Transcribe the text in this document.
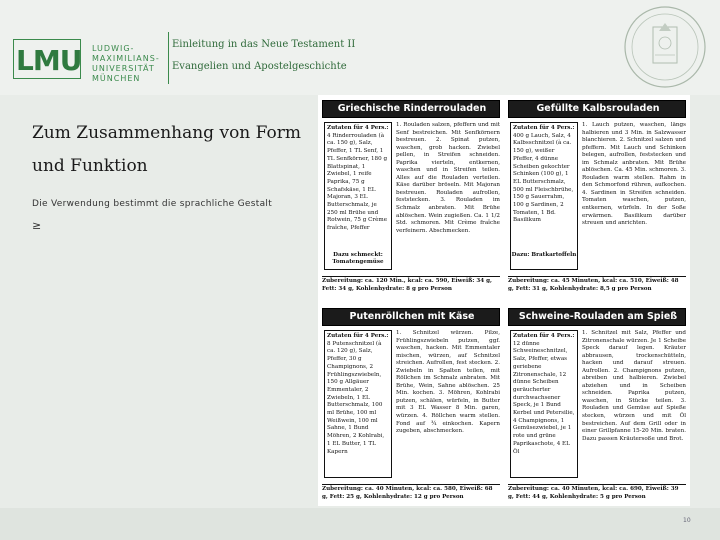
LMU LUDWIG-
MAXIMILIANS-
UNIVERSITÄT
MÜNCHEN
Einleitung in das Neue Testament II
Evangelien und Apostelgeschichte
Zum Zusammenhang von Form und Funktion
Die Verwendung bestimmt die sprachliche Gestalt
≥
Griechische Rinderrouladen
Zutaten für 4 Pers.:
4 Rinderrouladen (à ca. 150 g), Salz, Pfeffer, 1 TL Senf, 1 TL Senfkörner, 180 g Blattspinat, 1 Zwiebel, 1 reife Paprika, 75 g Schafskäse, 1 EL Majoran, 3 EL Butterschmalz, je 250 ml Brühe und Rotwein, 75 g Crème fraîche, Pfeffer
Dazu schmeckt: Tomatengemüse
1. Rouladen salzen, pfeffern und mit Senf bestreichen. Mit Senfkörnern bestreuen. 2. Spinat putzen, waschen, grob hacken. Zwiebel pellen, in Streifen schneiden. Paprika vierteln, entkernen, waschen und in Streifen teilen. Alles auf die Rouladen verteilen. Käse darüber bröseln. Mit Majoran bestreuen. Rouladen aufrollen, feststecken. 3. Rouladen im Schmalz anbraten. Mit Brühe ablöschen. Wein zugießen. Ca. 1 1/2 Std. schmoren. Mit Crème fraîche verfeinern. Abschmecken.
Zubereitung: ca. 120 Min., kcal: ca. 590, Eiweiß: 34 g, Fett: 34 g, Kohlenhydrate: 8 g pro Person
Gefüllte Kalbsrouladen
Zutaten für 4 Pers.:
400 g Lauch, Salz, 4 Kalbsschnitzel (à ca. 150 g), weißer Pfeffer, 4 dünne Scheiben gekochter Schinken (100 g), 1 EL Butterschmalz, 500 ml Fleischbrühe, 150 g Sauerrahm, 100 g Sardinen, 2 Tomaten, 1 Bd. Basilikum
Dazu: Bratkartoffeln
1. Lauch putzen, waschen, längs halbieren und 3 Min. in Salzwasser blanchieren. 2. Schnitzel salzen und pfeffern. Mit Lauch und Schinken belegen, aufrollen, feststecken und im Schmalz anbraten. Mit Brühe ablöschen. Ca. 45 Min. schmoren. 3. Rouladen warm stellen. Rahm in den Schmorfond rühren, aufkochen. 4. Sardinen in Streifen schneiden. Tomaten waschen, putzen, entkernen, würfeln. In der Soße erwärmen. Basilikum darüber streuen und anrichten.
Zubereitung: ca. 45 Minuten, kcal: ca. 510, Eiweiß: 48 g, Fett: 31 g, Kohlenhydrate: 8,5 g pro Person
Putenröllchen mit Käse
Zutaten für 4 Pers.:
8 Putenschnitzel (à ca. 120 g), Salz, Pfeffer, 30 g Champignons, 2 Frühlingszwiebeln, 150 g Allgäuer Emmentaler, 2 Zwiebeln, 1 EL Butterschmalz, 100 ml Brühe, 100 ml Weißwein, 100 ml Sahne, 1 Bund Möhren, 2 Kohlrabi, 1 EL Butter, 1 TL Kapern
1. Schnitzel würzen. Pilze, Frühlingszwiebeln putzen, ggf. waschen, hacken. Mit Emmentaler mischen, würzen, auf Schnitzel streichen. Aufrollen, fest stecken. 2. Zwiebeln in Spalten teilen, mit Röllchen im Schmalz anbraten. Mit Brühe, Wein, Sahne ablöschen. 25 Min. kochen. 3. Möhren, Kohlrabi putzen, schälen, würfeln, in Butter mit 3 EL Wasser 8 Min. garen, würzen. 4. Röllchen warm stellen. Fond auf ¾ einkochen. Kapern zugeben, abschmecken.
Zubereitung: ca. 40 Minuten, kcal: ca. 580, Eiweiß: 68 g, Fett: 25 g, Kohlenhydrate: 12 g pro Person
Schweine-Rouladen am Spieß
Zutaten für 4 Pers.:
12 dünne Schweineschnitzel, Salz, Pfeffer, etwas geriebene Zitronenschale, 12 dünne Scheiben geräucherter durchwachsener Speck, je 1 Bund Kerbel und Petersilie, 4 Champignons, 1 Gemüsezwiebel, je 1 rote und grüne Paprikaschote, 4 EL Öl
1. Schnitzel mit Salz, Pfeffer und Zitronenschale würzen. Je 1 Scheibe Speck darauf legen. Kräuter abbrausen, trockenschütteln, hacken und darauf streuen. Aufrollen. 2. Champignons putzen, abreiben und halbieren. Zwiebel abziehen und in Scheiben schneiden. Paprika putzen, waschen, in Stücke teilen. 3. Rouladen und Gemüse auf Spieße stecken, würzen und mit Öl bestreichen. Auf dem Grill oder in einer Grillpfanne 15-20 Min. braten. Dazu passen Kräutersoße und Brot.
Zubereitung: ca. 40 Minuten, kcal: ca. 690, Eiweiß: 39 g, Fett: 44 g, Kohlenhydrate: 5 g pro Person
10
